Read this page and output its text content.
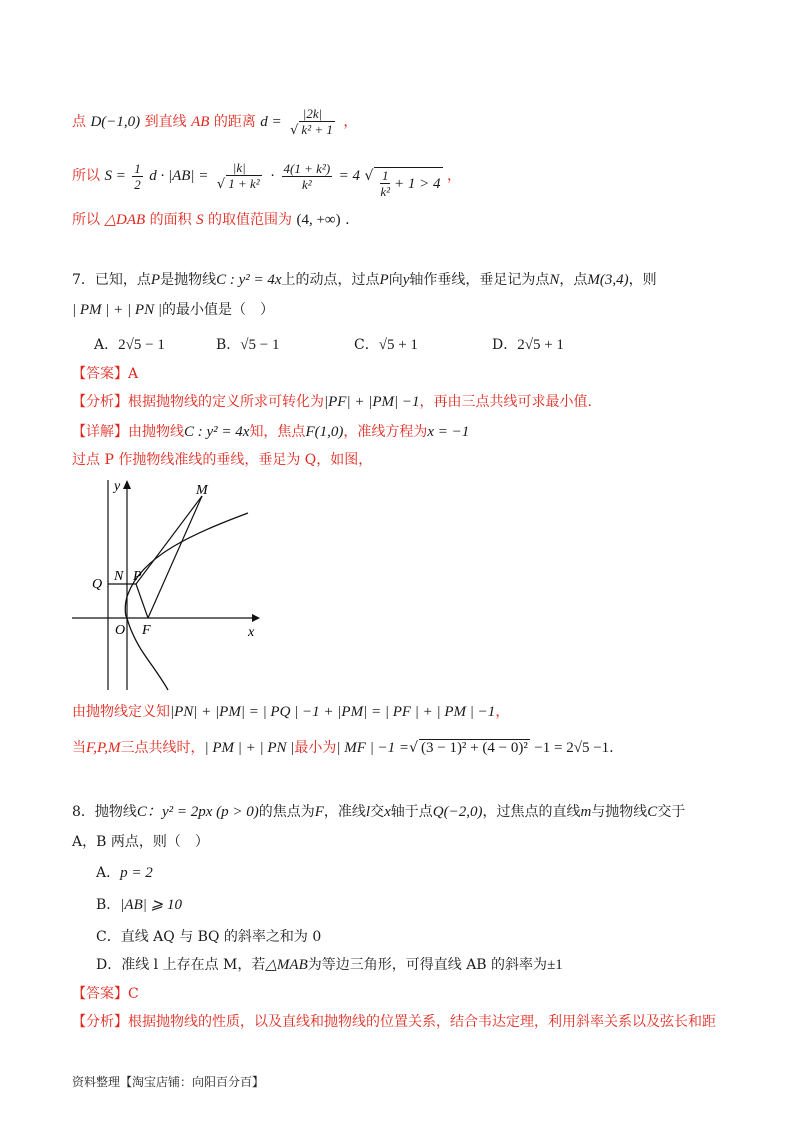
点 D(−1,0) 到直线 AB 的距离 $d = \frac{|2k|}{\text{√ k² + 1}}$ ，
所以 $S = \frac{1}{2}$ $d \cdot |AB| = \frac{|k|}{\text{√ 1 + k²}} \cdot \frac{\text{4(1 + k²)}}{\text{k²}} = 4$ √ $\frac{1}{\text{k²}} + 1 > 4$ ，
所以 △DAB 的面积 S 的取值范围为 (4, +∞) .
7．已知，点P是抛物线C : y² = 4x上的动点，过点P向y轴作垂线，垂足记为点N，点M(3,4)，则
| PM | + | PN |的最小值是（　）
A．2√5 − 1	B．√5 − 1	C．√5 + 1	D．2√5 + 1
【答案】A
【分析】根据抛物线的定义所求可转化为|PF| + |PM| −1，再由三点共线可求最小值.
【详解】由抛物线C : y² = 4x知，焦点F(1,0)，准线方程为x = −1
过点 P 作抛物线准线的垂线，垂足为 Q，如图，
M
y
Q
N P
O F	x
由抛物线定义知|PN| + |PM| = | PQ | −1 + |PM| = | PF | + | PM | −1，
当F,P,M三点共线时，| PM | + | PN |最小为| MF | −1 =√ (3 − 1)² + (4 − 0)² −1 = 2√5 −1.
8．抛物线C：y² = 2px (p > 0)的焦点为F，准线l交x轴于点Q(−2,0)，过焦点的直线m与抛物线C交于
A，B 两点，则（　）
A．p = 2
B．|AB| ⩾ 10
C．直线 AQ 与 BQ 的斜率之和为 0
D．准线 l 上存在点 M，若△MAB为等边三角形，可得直线 AB 的斜率为±1
【答案】C
【分析】根据抛物线的性质，以及直线和抛物线的位置关系，结合韦达定理，利用斜率关系以及弦长和距
资料整理【淘宝店铺：向阳百分百】
